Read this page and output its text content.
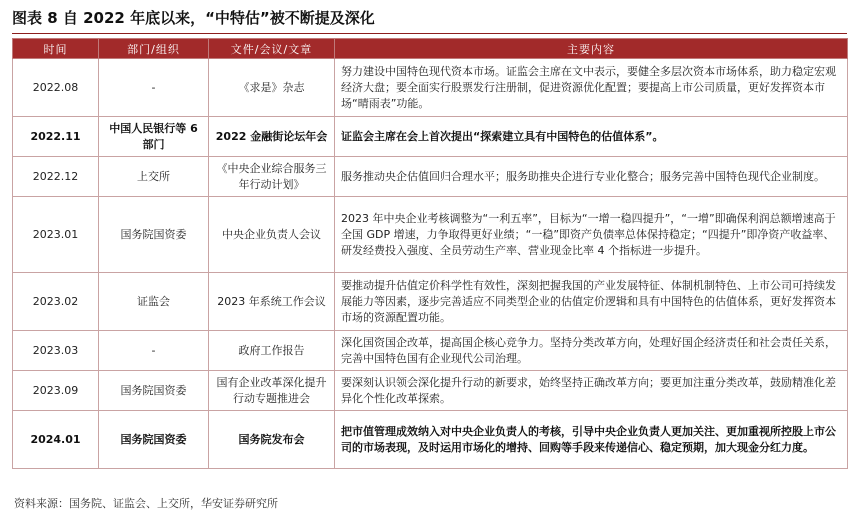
图表 8 自 2022 年底以来，“中特估”被不断提及深化
时间	部门/组织	文件/会议/文章	主要内容
2022.08	-	《求是》杂志	努力建设中国特色现代资本市场。证监会主席在文中表示，要健全多层次资本市场体系，助力稳定宏观经济大盘；要全面实行股票发行注册制，促进资源优化配置；要提高上市公司质量，更好发挥资本市场“晴雨表”功能。
2022.11	中国人民银行等 6 部门	2022 金融街论坛年会	证监会主席在会上首次提出“探索建立具有中国特色的估值体系”。
2022.12	上交所	《中央企业综合服务三年行动计划》	服务推动央企估值回归合理水平；服务助推央企进行专业化整合；服务完善中国特色现代企业制度。
2023.01	国务院国资委	中央企业负责人会议	2023 年中央企业考核调整为“一利五率”，目标为“一增一稳四提升”，“一增”即确保利润总额增速高于全国 GDP 增速，力争取得更好业绩；“一稳”即资产负债率总体保持稳定；“四提升”即净资产收益率、研发经费投入强度、全员劳动生产率、营业现金比率 4 个指标进一步提升。
2023.02	证监会	2023 年系统工作会议	要推动提升估值定价科学性有效性，深刻把握我国的产业发展特征、体制机制特色、上市公司可持续发展能力等因素，逐步完善适应不同类型企业的估值定价逻辑和具有中国特色的估值体系，更好发挥资本市场的资源配置功能。
2023.03	-	政府工作报告	深化国资国企改革，提高国企核心竞争力。坚持分类改革方向，处理好国企经济责任和社会责任关系，完善中国特色国有企业现代公司治理。
2023.09	国务院国资委	国有企业改革深化提升行动专题推进会	要深刻认识领会深化提升行动的新要求，始终坚持正确改革方向；要更加注重分类改革，鼓励精准化差异化个性化改革探索。
2024.01	国务院国资委	国务院发布会	把市值管理成效纳入对中央企业负责人的考核，引导中央企业负责人更加关注、更加重视所控股上市公司的市场表现，及时运用市场化的增持、回购等手段来传递信心、稳定预期，加大现金分红力度。
资料来源：国务院、证监会、上交所，华安证券研究所
